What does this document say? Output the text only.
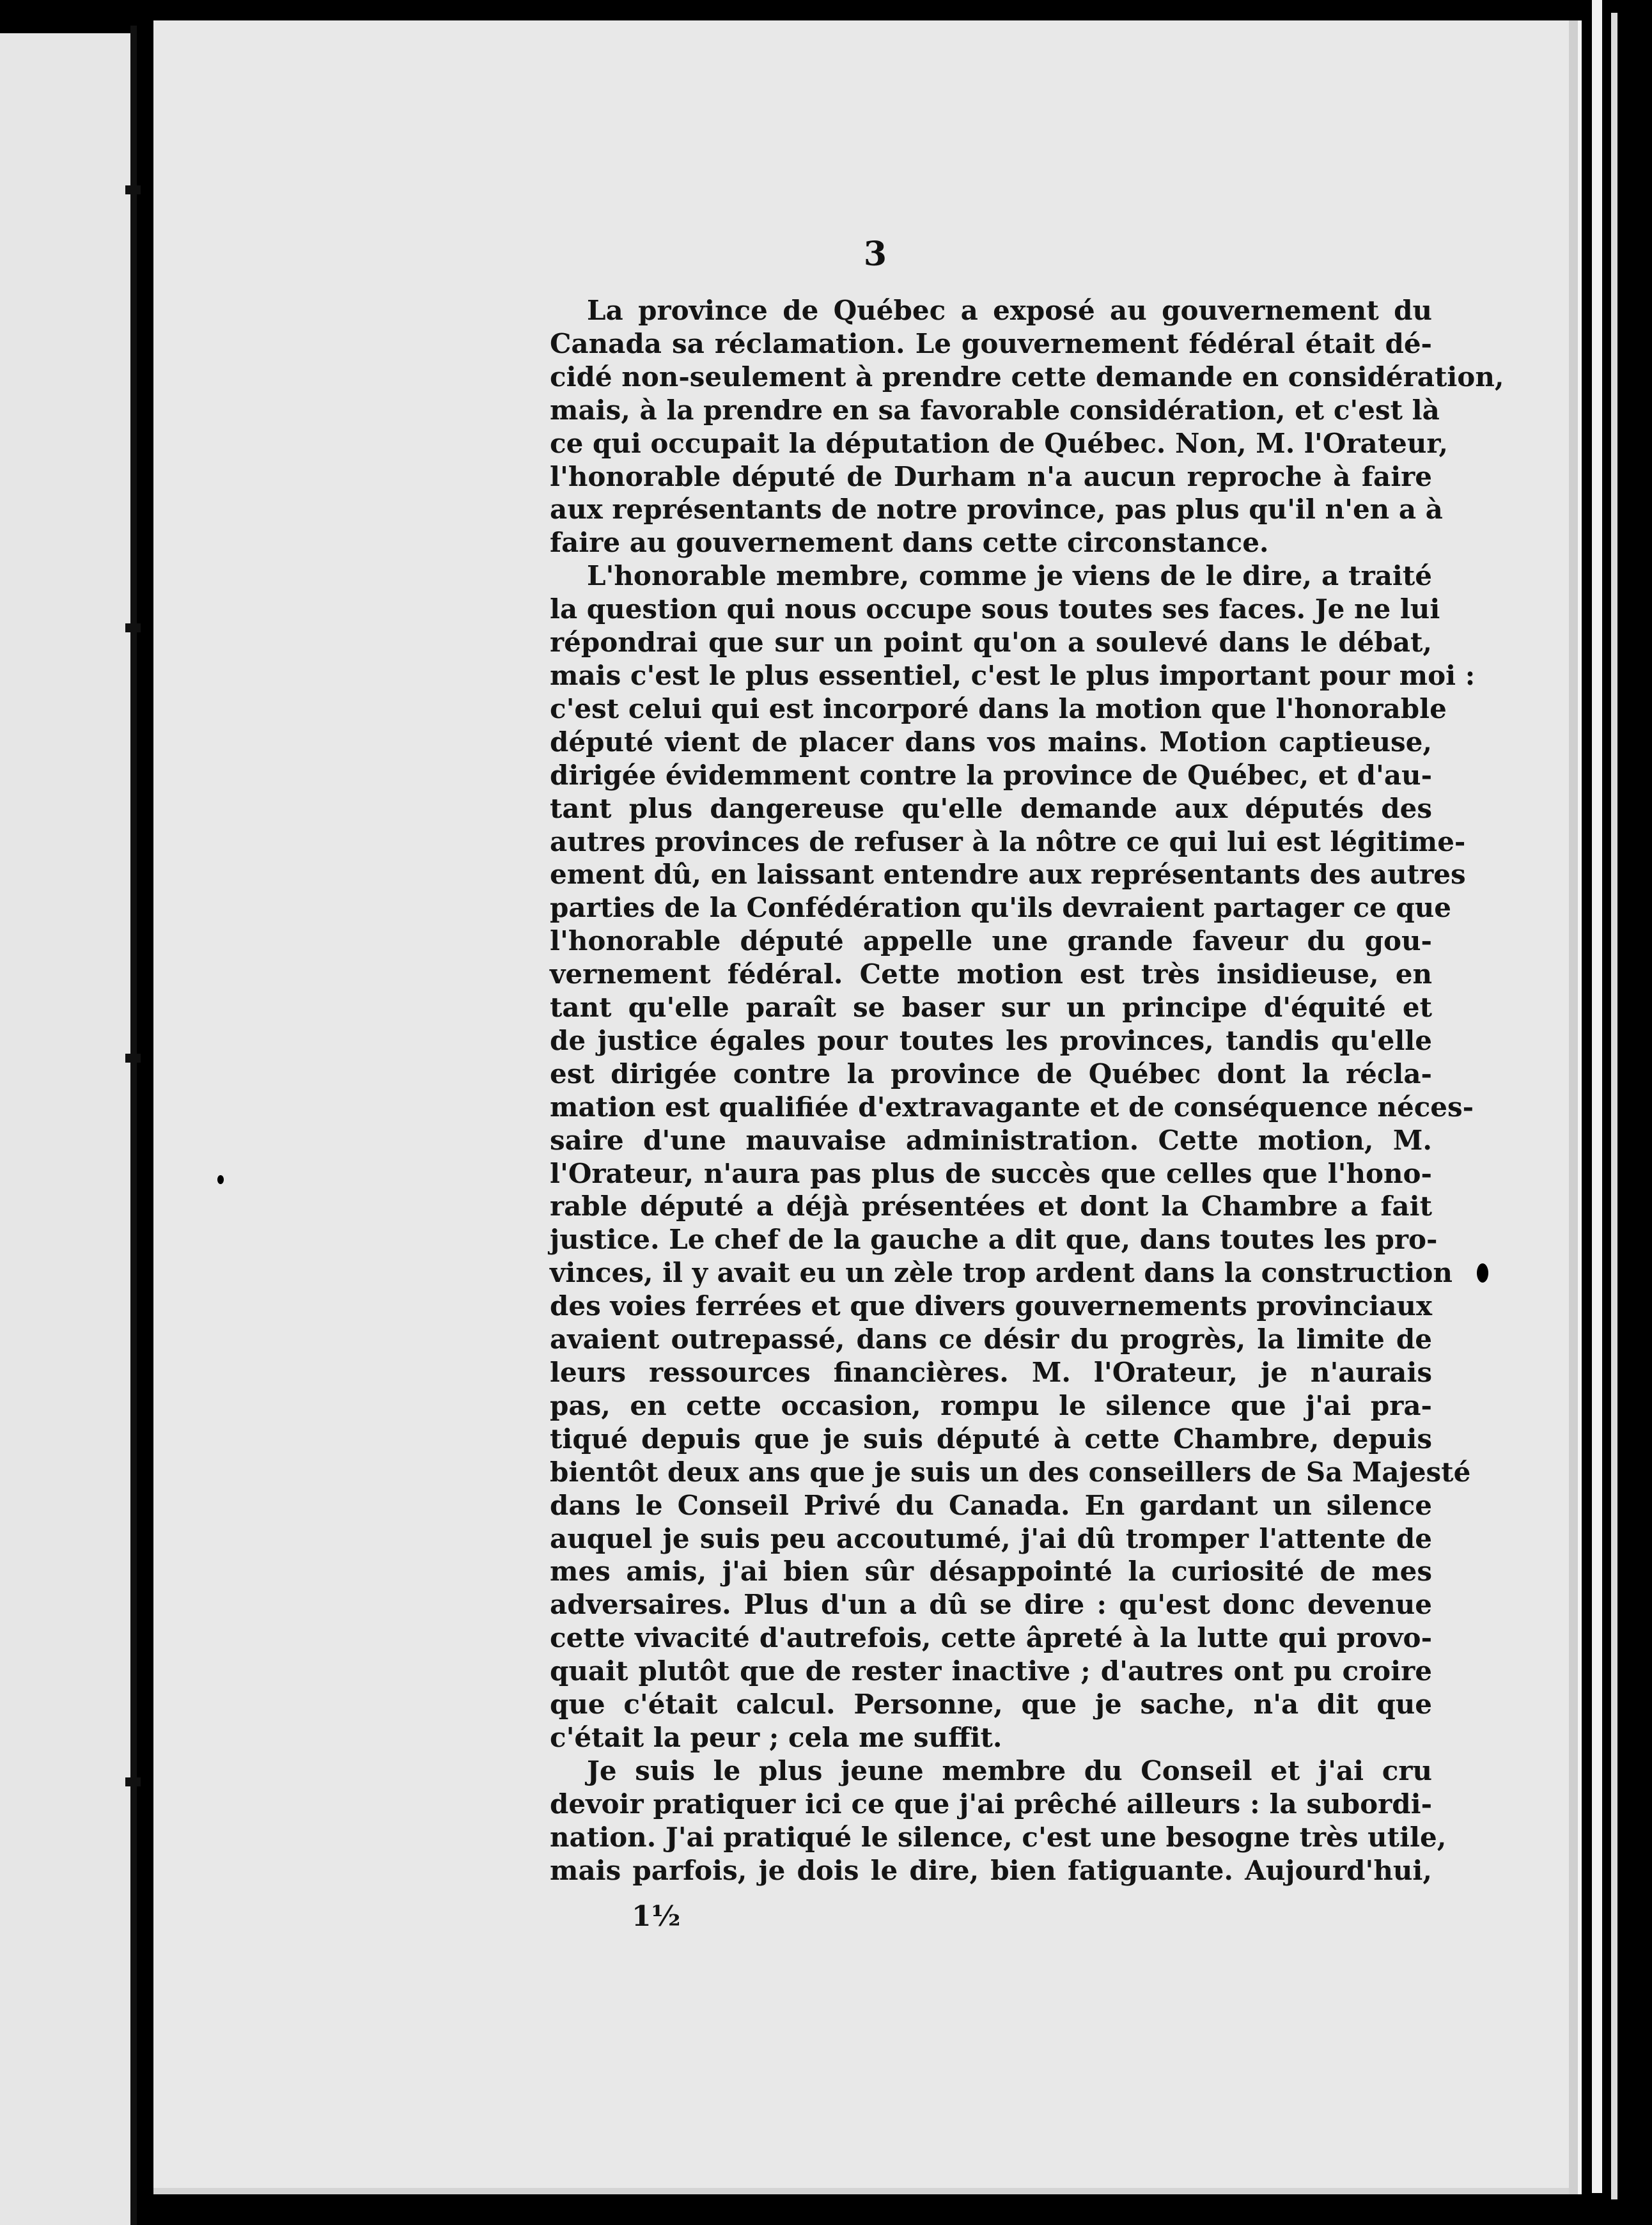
3
La province de Québec a exposé au gouvernement du
Canada sa réclamation. Le gouvernement fédéral était dé-
cidé non-seulement à prendre cette demande en considération,
mais, à la prendre en sa favorable considération, et c'est là
ce qui occupait la députation de Québec. Non, M. l'Orateur,
l'honorable député de Durham n'a aucun reproche à faire
aux représentants de notre province, pas plus qu'il n'en a à
faire au gouvernement dans cette circonstance.
L'honorable membre, comme je viens de le dire, a traité
la question qui nous occupe sous toutes ses faces. Je ne lui
répondrai que sur un point qu'on a soulevé dans le débat,
mais c'est le plus essentiel, c'est le plus important pour moi :
c'est celui qui est incorporé dans la motion que l'honorable
député vient de placer dans vos mains. Motion captieuse,
dirigée évidemment contre la province de Québec, et d'au-
tant plus dangereuse qu'elle demande aux députés des
autres provinces de refuser à la nôtre ce qui lui est légitime-
ement dû, en laissant entendre aux représentants des autres
parties de la Confédération qu'ils devraient partager ce que
l'honorable député appelle une grande faveur du gou-
vernement fédéral. Cette motion est très insidieuse, en
tant qu'elle paraît se baser sur un principe d'équité et
de justice égales pour toutes les provinces, tandis qu'elle
est dirigée contre la province de Québec dont la récla-
mation est qualifiée d'extravagante et de conséquence néces-
saire d'une mauvaise administration. Cette motion, M.
l'Orateur, n'aura pas plus de succès que celles que l'hono-
rable député a déjà présentées et dont la Chambre a fait
justice. Le chef de la gauche a dit que, dans toutes les pro-
vinces, il y avait eu un zèle trop ardent dans la construction
des voies ferrées et que divers gouvernements provinciaux
avaient outrepassé, dans ce désir du progrès, la limite de
leurs ressources financières. M. l'Orateur, je n'aurais
pas, en cette occasion, rompu le silence que j'ai pra-
tiqué depuis que je suis député à cette Chambre, depuis
bientôt deux ans que je suis un des conseillers de Sa Majesté
dans le Conseil Privé du Canada. En gardant un silence
auquel je suis peu accoutumé, j'ai dû tromper l'attente de
mes amis, j'ai bien sûr désappointé la curiosité de mes
adversaires. Plus d'un a dû se dire : qu'est donc devenue
cette vivacité d'autrefois, cette âpreté à la lutte qui provo-
quait plutôt que de rester inactive ; d'autres ont pu croire
que c'était calcul. Personne, que je sache, n'a dit que
c'était la peur ; cela me suffit.
Je suis le plus jeune membre du Conseil et j'ai cru
devoir pratiquer ici ce que j'ai prêché ailleurs : la subordi-
nation. J'ai pratiqué le silence, c'est une besogne très utile,
mais parfois, je dois le dire, bien fatiguante. Aujourd'hui,
1½
